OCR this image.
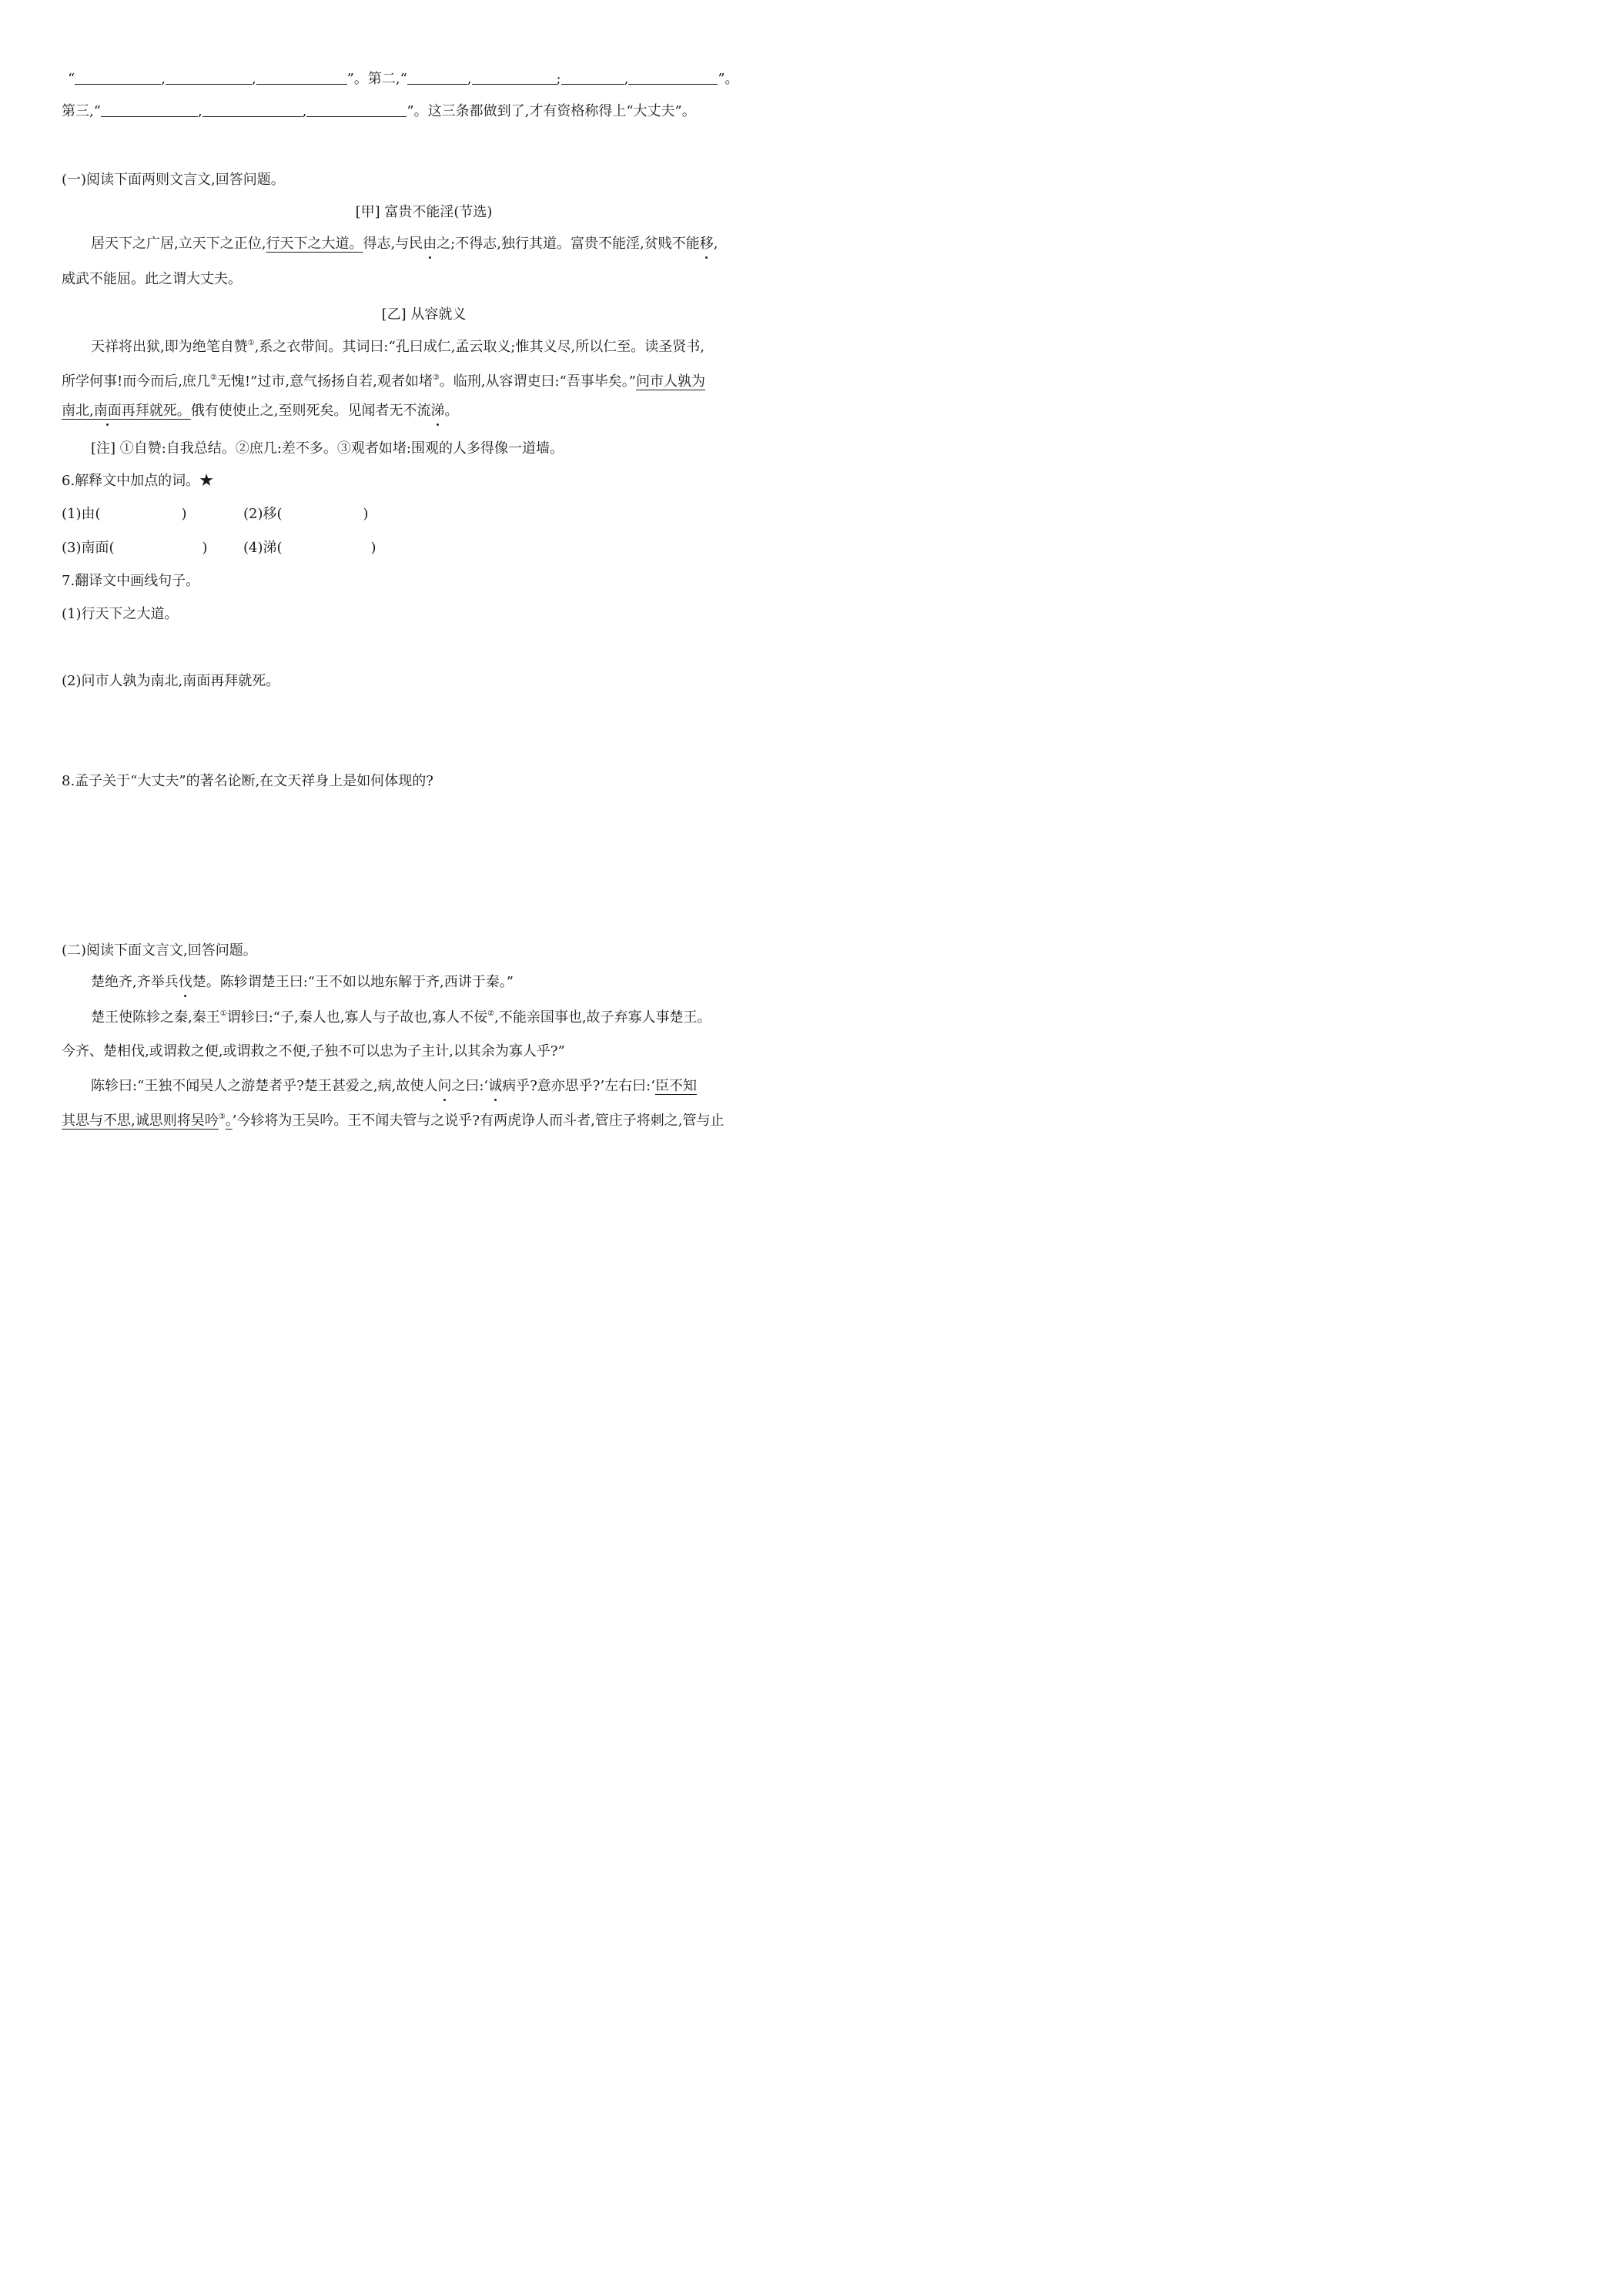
“	,	,	”。第二,“	,	;	,	”。
第三,“	,	,	”。这三条都做到了,才有资格称得上“大丈夫”。
(一)阅读下面两则文言文,回答问题。
[甲] 富贵不能淫(节选)
居天下之广居,立天下之正位,行天下之大道。得志,与民由之;不得志,独行其道。富贵不能淫,贫贱不能移,
威武不能屈。此之谓大丈夫。
[乙] 从容就义
天祥将出狱,即为绝笔自赞①,系之衣带间。其词曰:“孔曰成仁,孟云取义;惟其义尽,所以仁至。读圣贤书,
所学何事!而今而后,庶几②无愧!”过市,意气扬扬自若,观者如堵③。临刑,从容谓吏曰:“吾事毕矣。”问市人孰为
南北,南面再拜就死。俄有使使止之,至则死矣。见闻者无不流涕。
[注] ①自赞:自我总结。②庶几:差不多。③观者如堵:围观的人多得像一道墙。
6.解释文中加点的词。★
(1)由(	)	(2)移(	)
(3)南面(	)	(4)涕(	)
7.翻译文中画线句子。
(1)行天下之大道。
(2)问市人孰为南北,南面再拜就死。
8.孟子关于“大丈夫”的著名论断,在文天祥身上是如何体现的?
(二)阅读下面文言文,回答问题。
楚绝齐,齐举兵伐楚。陈轸谓楚王曰:“王不如以地东解于齐,西讲于秦。”
楚王使陈轸之秦,秦王①谓轸曰:“子,秦人也,寡人与子故也,寡人不佞②,不能亲国事也,故子弃寡人事楚王。
今齐、楚相伐,或谓救之便,或谓救之不便,子独不可以忠为子主计,以其余为寡人乎?”
陈轸曰:“王独不闻吴人之游楚者乎?楚王甚爱之,病,故使人问之曰:‘诚病乎?意亦思乎?’左右曰:‘臣不知
其思与不思,诚思则将吴吟③。’今轸将为王吴吟。王不闻夫管与之说乎?有两虎诤人而斗者,管庄子将刺之,管与止
